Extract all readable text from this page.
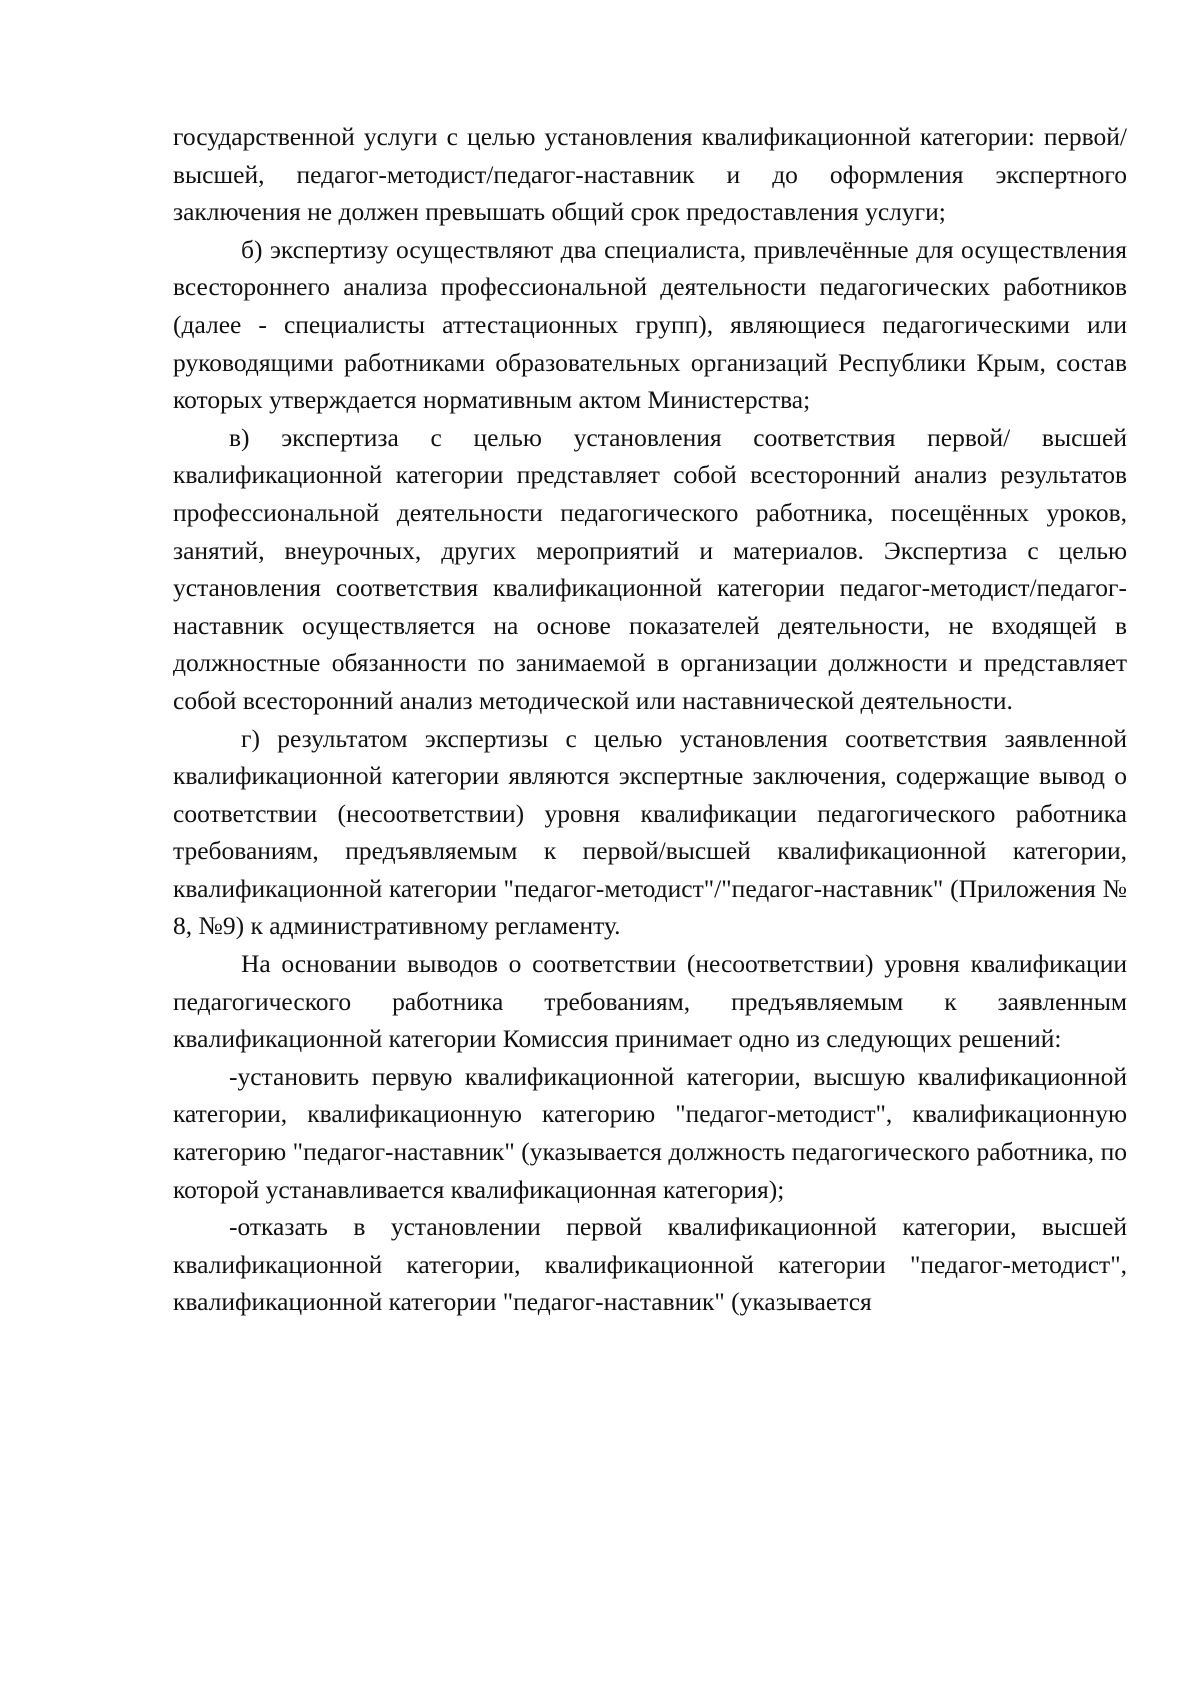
государственной услуги с целью установления квалификационной категории: первой/высшей, педагог-методист/педагог-наставник и до оформления экспертного заключения не должен превышать общий срок предоставления услуги;

б) экспертизу осуществляют два специалиста, привлечённые для осуществления всестороннего анализа профессиональной деятельности педагогических работников (далее - специалисты аттестационных групп), являющиеся педагогическими или руководящими работниками образовательных организаций Республики Крым, состав которых утверждается нормативным актом Министерства;

в) экспертиза с целью установления соответствия первой/ высшей квалификационной категории представляет собой всесторонний анализ результатов профессиональной деятельности педагогического работника, посещённых уроков, занятий, внеурочных, других мероприятий и материалов. Экспертиза с целью установления соответствия квалификационной категории педагог-методист/педагог-наставник осуществляется на основе показателей деятельности, не входящей в должностные обязанности по занимаемой в организации должности и представляет собой всесторонний анализ методической или наставнической деятельности.

г) результатом экспертизы с целью установления соответствия заявленной квалификационной категории являются экспертные заключения, содержащие вывод о соответствии (несоответствии) уровня квалификации педагогического работника требованиям, предъявляемым к первой/высшей квалификационной категории, квалификационной категории "педагог-методист"/"педагог-наставник" (Приложения № 8, №9) к административному регламенту.

На основании выводов о соответствии (несоответствии) уровня квалификации педагогического работника требованиям, предъявляемым к заявленным квалификационной категории Комиссия принимает одно из следующих решений:

-установить первую квалификационной категории, высшую квалификационной категории, квалификационную категорию "педагог-методист", квалификационную категорию "педагог-наставник" (указывается должность педагогического работника, по которой устанавливается квалификационная категория);

-отказать в установлении первой квалификационной категории, высшей квалификационной категории, квалификационной категории "педагог-методист", квалификационной категории "педагог-наставник" (указывается
